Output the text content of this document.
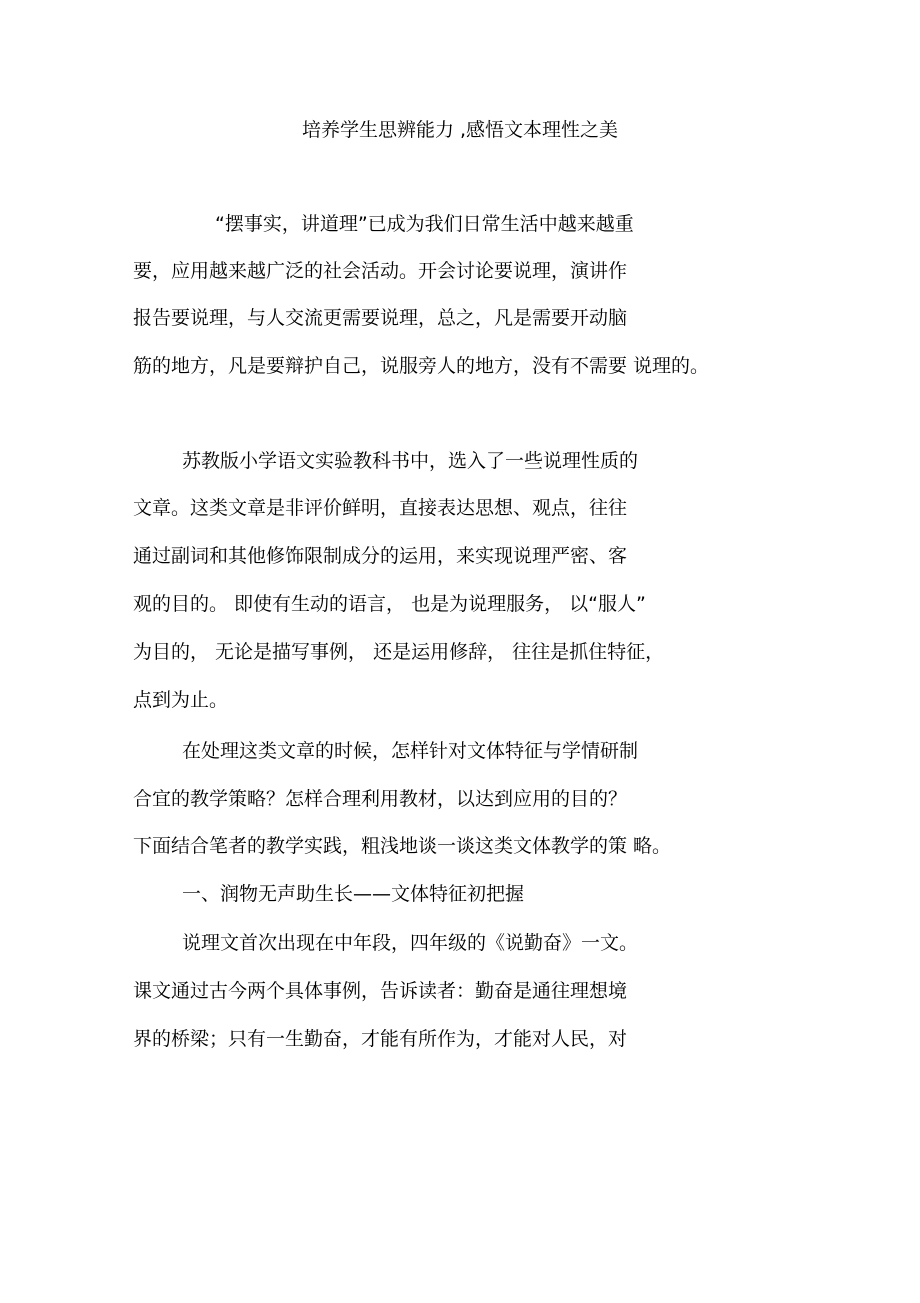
培养学生思辨能力 ,感悟文本理性之美
“摆事实，讲道理”已成为我们日常生活中越来越重
要，应用越来越广泛的社会活动。开会讨论要说理，演讲作
报告要说理，与人交流更需要说理，总之，凡是需要开动脑
筋的地方，凡是要辩护自己，说服旁人的地方，没有不需要 说理的。
苏教版小学语文实验教科书中，选入了一些说理性质的
文章。这类文章是非评价鲜明，直接表达思想、观点，往往
通过副词和其他修饰限制成分的运用，来实现说理严密、客
观的目的。 即使有生动的语言， 也是为说理服务， 以“服人”
为目的， 无论是描写事例， 还是运用修辞， 往往是抓住特征，
点到为止。
在处理这类文章的时候，怎样针对文体特征与学情研制
合宜的教学策略？怎样合理利用教材，以达到应用的目的？
下面结合笔者的教学实践，粗浅地谈一谈这类文体教学的策 略。
一、润物无声助生长——文体特征初把握
说理文首次出现在中年段，四年级的《说勤奋》一文。
课文通过古今两个具体事例，告诉读者：勤奋是通往理想境
界的桥梁；只有一生勤奋，才能有所作为，才能对人民，对
